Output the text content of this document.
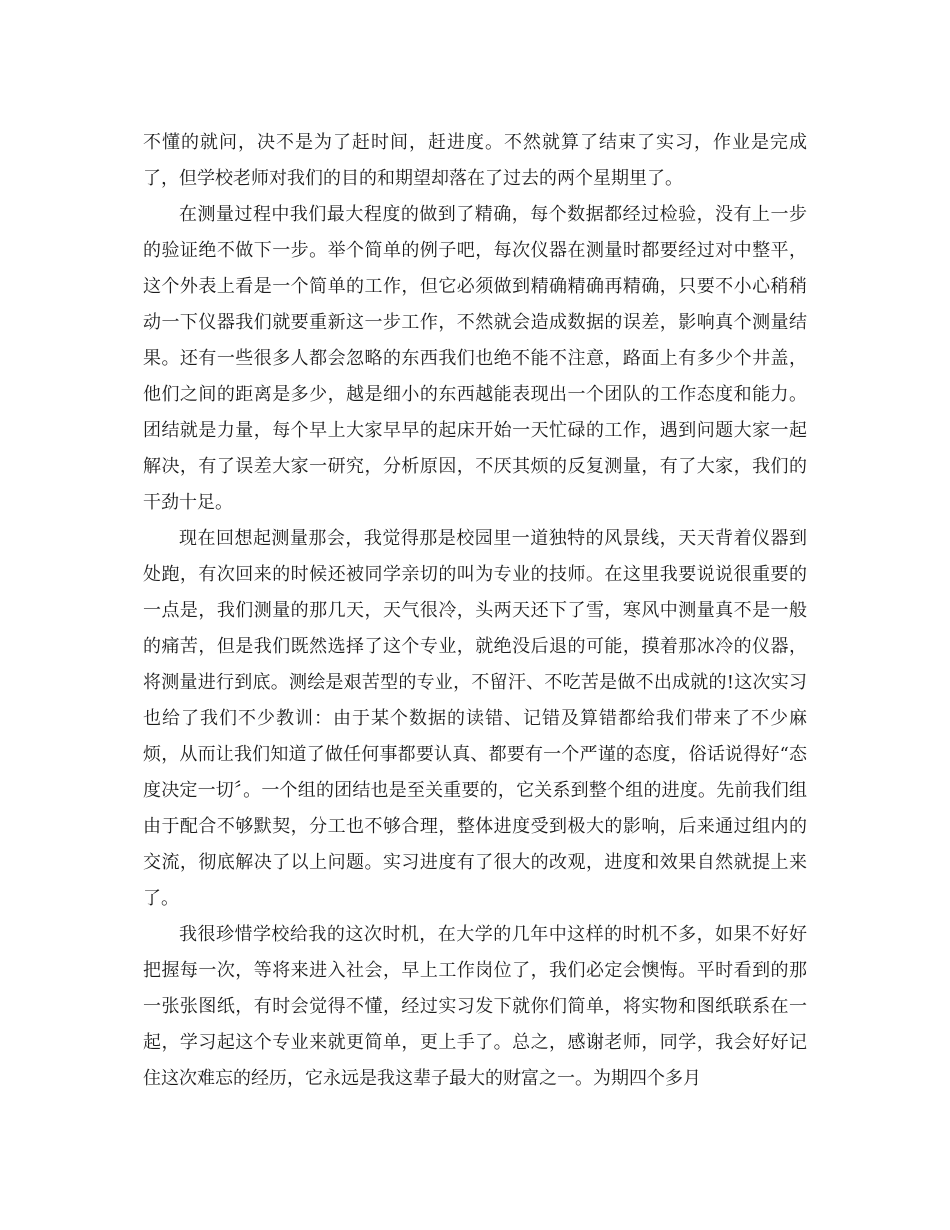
不懂的就问，决不是为了赶时间，赶进度。不然就算了结束了实习，作业是完成了，但学校老师对我们的目的和期望却落在了过去的两个星期里了。

在测量过程中我们最大程度的做到了精确，每个数据都经过检验，没有上一步的验证绝不做下一步。举个简单的例子吧，每次仪器在测量时都要经过对中整平，这个外表上看是一个简单的工作，但它必须做到精确精确再精确，只要不小心稍稍动一下仪器我们就要重新这一步工作，不然就会造成数据的误差，影响真个测量结果。还有一些很多人都会忽略的东西我们也绝不能不注意，路面上有多少个井盖，他们之间的距离是多少，越是细小的东西越能表现出一个团队的工作态度和能力。团结就是力量，每个早上大家早早的起床开始一天忙碌的工作，遇到问题大家一起解决，有了误差大家一研究，分析原因，不厌其烦的反复测量，有了大家，我们的干劲十足。

现在回想起测量那会，我觉得那是校园里一道独特的风景线，天天背着仪器到处跑，有次回来的时候还被同学亲切的叫为专业的技师。在这里我要说说很重要的一点是，我们测量的那几天，天气很冷，头两天还下了雪，寒风中测量真不是一般的痛苦，但是我们既然选择了这个专业，就绝没后退的可能，摸着那冰冷的仪器，将测量进行到底。测绘是艰苦型的专业，不留汗、不吃苦是做不出成就的!这次实习也给了我们不少教训：由于某个数据的读错、记错及算错都给我们带来了不少麻烦，从而让我们知道了做任何事都要认真、都要有一个严谨的态度，俗话说得好“态度决定一切〞。一个组的团结也是至关重要的，它关系到整个组的进度。先前我们组由于配合不够默契，分工也不够合理，整体进度受到极大的影响，后来通过组内的交流，彻底解决了以上问题。实习进度有了很大的改观，进度和效果自然就提上来了。

我很珍惜学校给我的这次时机，在大学的几年中这样的时机不多，如果不好好把握每一次，等将来进入社会，早上工作岗位了，我们必定会懊悔。平时看到的那一张张图纸，有时会觉得不懂，经过实习发下就你们简单，将实物和图纸联系在一起，学习起这个专业来就更简单，更上手了。总之，感谢老师，同学，我会好好记住这次难忘的经历，它永远是我这辈子最大的财富之一。为期四个多月
